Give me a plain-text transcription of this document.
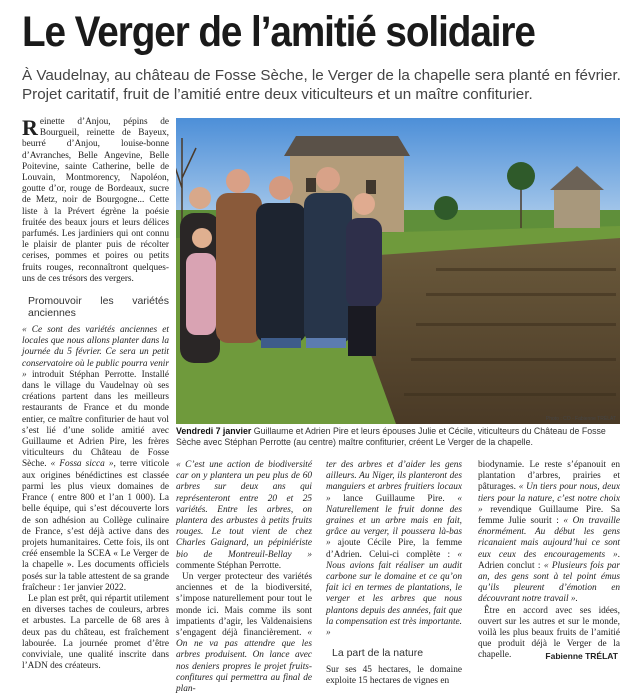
Le Verger de l’amitié solidaire
À Vaudelnay, au château de Fosse Sèche, le Verger de la chapelle sera planté en février. Projet caritatif, fruit de l’amitié entre deux viticulteurs et un maître confiturier.

Reinette d’Anjou, pépins de Bourgueil, reinette de Bayeux, beurré d’Anjou, louise-bonne d’Avranches, Belle Angevine, Belle Poitevine, sainte Catherine, belle de Louvain, Montmorency, Napoléon, goutte d’or, rouge de Bordeaux, sucre de Metz, noir de Bourgogne... Cette liste à la Prévert égrène la poésie fruitée des beaux jours et leurs délices parfumés. Les jardiniers qui ont connu le plaisir de planter puis de récolter cerises, pommes et poires ou petits fruits rouges, reconnaîtront quelques-uns de ces trésors des vergers.

Promouvoir les variétés anciennes

« Ce sont des variétés anciennes et locales que nous allons planter dans la journée du 5 février. Ce sera un petit conservatoire où le public pourra venir » introduit Stéphan Perrotte. Installé dans le village du Vaudelnay où ses créations partent dans les meilleurs restaurants de France et du monde entier, ce maître confiturier de haut vol s’est lié d’une solide amitié avec Guillaume et Adrien Pire, les frères viticulteurs du Château de Fosse Sèche. « Fossa sicca », terre viticole aux origines bénédictines est classée parmi les plus vieux domaines de France ( entre 800 et l’an 1 000). La belle équipe, qui s’est découverte lors de son adhésion au Collège culinaire de France, s’est déjà active dans des projets humanitaires. Cette fois, ils ont créé ensemble la SCEA « Le Verger de la chapelle ». Les documents officiels posés sur la table attestent de sa grande fraîcheur : 1er janvier 2022.

Le plan est prêt, qui répartit utilement en diverses taches de couleurs, arbres et arbustes. La parcelle de 68 ares à deux pas du château, est fraîchement labourée. La journée promet d’être conviviale, une qualité inscrite dans l’ADN des créateurs.

Photo : CO - Fabienne TRÉLAT
Vendredi 7 janvier Guillaume et Adrien Pire et leurs épouses Julie et Cécile, viticulteurs du Château de Fosse Sèche avec Stéphan Perrotte (au centre) maître confiturier, créent Le Verger de la chapelle.

« C’est une action de biodiversité car on y plantera un peu plus de 60 arbres sur deux ans qui représenteront entre 20 et 25 variétés. Entre les arbres, on plantera des arbustes à petits fruits rouges. Le tout vient de chez Charles Gaignard, un pépiniériste bio de Montreuil-Bellay » commente Stéphan Perrotte.

Un verger protecteur des variétés anciennes et de la biodiversité, s’impose naturellement pour tout le monde ici. Mais comme ils sont impatients d’agir, les Valdenaisiens s’engagent déjà financièrement. « On ne va pas attendre que les arbres produisent. On lance avec nos deniers propres le projet fruits-confitures qui permettra au final de plan-

ter des arbres et d’aider les gens ailleurs. Au Niger, ils planteront des manguiers et arbres fruitiers locaux » lance Guillaume Pire. « Naturellement le fruit donne des graines et un arbre mais en fait, grâce au verger, il poussera là-bas » ajoute Cécile Pire, la femme d’Adrien. Celui-ci complète : « Nous avions fait réaliser un audit carbone sur le domaine et ce qu’on fait ici en termes de plantations, le verger et les arbres que nous plantons depuis des années, fait que la compensation est très importante. »

La part de la nature

Sur ses 45 hectares, le domaine exploite 15 hectares de vignes en

biodynamie. Le reste s’épanouit en plantation d’arbres, prairies et pâturages. « Un tiers pour nous, deux tiers pour la nature, c’est notre choix » revendique Guillaume Pire. Sa femme Julie sourit : « On travaille énormément. Au début les gens ricanaient mais aujourd’hui ce sont eux ceux des encouragements ». Adrien conclut : « Plusieurs fois par an, des gens sont à tel point émus qu’ils pleurent d’émotion en découvrant notre travail ».

Être en accord avec ses idées, ouvert sur les autres et sur le monde, voilà les plus beaux fruits de l’amitié que produit déjà le Verger de la chapelle.	Fabienne TRÉLAT
